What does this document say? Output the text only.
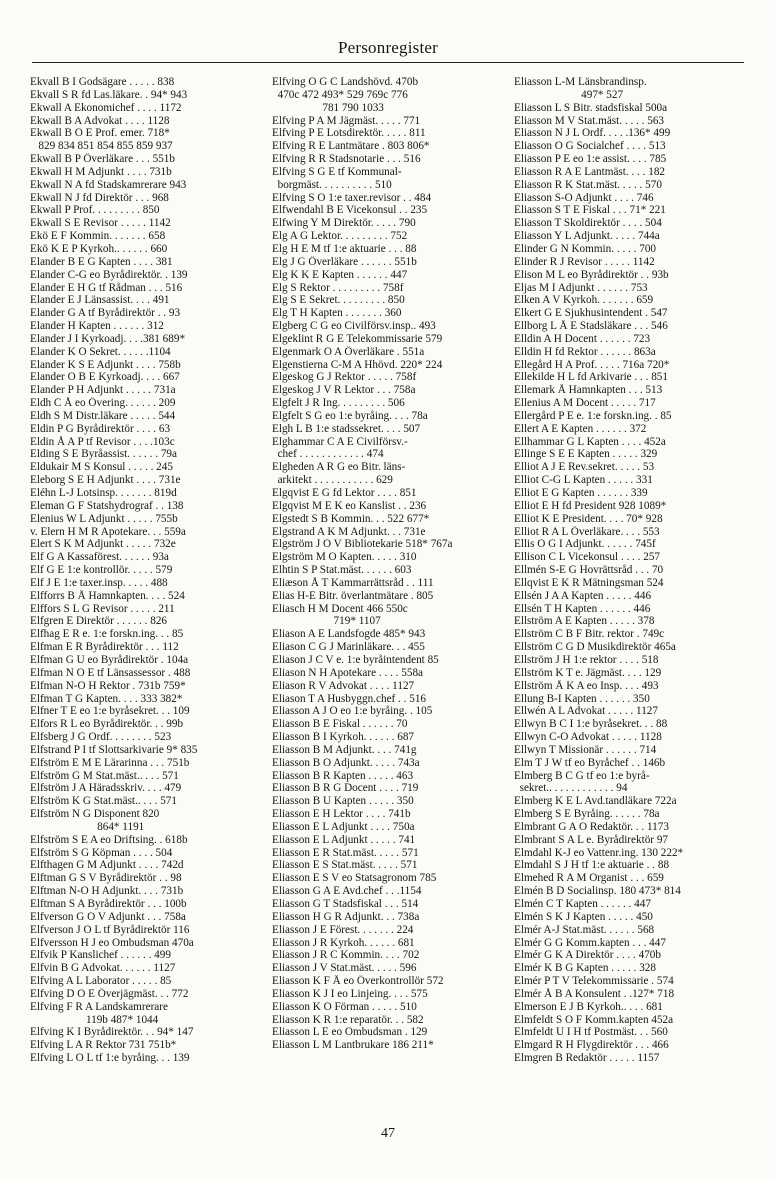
Personregister
Ekvall B I Godsägare . . . . . 838
Ekvall S R fd Las.läkare. . 94* 943
Ekwall A Ekonomichef . . . . 1172
Ekwall B A Advokat . . . . 1128
Ekwall B O E Prof. emer. 718*
829 834 851 854 855 859 937
Ekwall B P Överläkare . . . 551b
Ekwall H M Adjunkt . . . . 731b
Ekwall N A fd Stadskamrerare 943
Ekwall N J fd Direktör . . . 968
Ekwall P Prof. . . . . . . . . 850
Ekwall S E Revisor . . . . . 1142
Ekö E F Kommin. . . . . . . 658
Ekö K E P Kyrkoh.. . . . . . 660
Elander B E G Kapten . . . . 381
Elander C-G eo Byrådirektör. . 139
Elander E H G tf Rådman . . . 516
Elander E J Länsassist. . . . 491
Elander G A tf Byrådirektör . . 93
Elander H Kapten . . . . . . 312
Elander J I Kyrkoadj. . . .381 689*
Elander K O Sekret. . . . . .1104
Elander K S E Adjunkt . . . . 758b
Elander O B E Kyrkoadj. . . . 667
Elander P H Adjunkt . . . . . 731a
Eldh C Å eo Övering. . . . . . 209
Eldh S M Distr.läkare . . . . . 544
Eldin P G Byrådirektör . . . . 63
Eldin Å A P tf Revisor . . . .103c
Elding S E Byråassist. . . . . . 79a
Eldukair M S Konsul . . . . . 245
Eleborg S E H Adjunkt . . . . 731e
Eléhn L-J Lotsinsp. . . . . . . 819d
Eleman G F Statshydrograf . . 138
Elenius W L Adjunkt . . . . . 755b
v. Elern H M R Apotekare. . . 559a
Elert S K M Adjunkt . . . . . 732e
Elf G A Kassaförest. . . . . . 93a
Elf G E 1:e kontrollör. . . . . 579
Elf J E 1:e taxer.insp. . . . . 488
Elfforrs B Å Hamnkapten. . . . 524
Elffors S L G Revisor . . . . . 211
Elfgren E Direktör . . . . . . 826
Elfhag E R e. 1:e forskn.ing. . . 85
Elfman E R Byrådirektör . . . 112
Elfman G U eo Byrådirektör . 104a
Elfman N O E tf Länsassessor . 488
Elfman N-O H Rektor . 731b 759*
Elfman T G Kapten. . . . 333 382*
Elfner T E eo 1:e byråsekret. . . 109
Elfors R L eo Byrådirektör. . . 99b
Elfsberg J G Ordf. . . . . . . . 523
Elfstrand P I tf Slottsarkivarie 9* 835
Elfström E M E Lärarinna . . . 751b
Elfström G M Stat.mäst.. . . . 571
Elfström J A Häradsskriv. . . . 479
Elfström K G Stat.mäst.. . . . 571
Elfström N G Disponent 820
864* 1191
Elfström S E A eo Driftsing. . 618b
Elfström S G Köpman . . . . 504
Elfthagen G M Adjunkt . . . . 742d
Elftman G S V Byrådirektör . . 98
Elftman N-O H Adjunkt. . . . 731b
Elftman S A Byrådirektör . . . 100b
Elfverson G O V Adjunkt . . . 758a
Elfverson J O L tf Byrådirektör 116
Elfversson H J eo Ombudsman 470a
Elfvik P Kanslichef . . . . . . 499
Elfvin B G Advokat. . . . . . 1127
Elfving A L Laborator . . . . . 85
Elfving D O E Överjägmäst. . . 772
Elfving F R A Landskamrerare
119b 487* 1044
Elfving K I Byrådirektör. . . 94* 147
Elfving L A R Rektor 731 751b*
Elfving L O L tf 1:e byråing. . . 139
Elfving O G C Landshövd. 470b
470c 472 493* 529 769c 776
781 790 1033
Elfving P A M Jägmäst. . . . . 771
Elfving P E Lotsdirektör. . . . . 811
Elfving R E Lantmätare . 803 806*
Elfving R R Stadsnotarie . . . 516
Elfving S G E tf Kommunal-
borgmäst. . . . . . . . . . 510
Elfving S O 1:e taxer.revisor . . 484
Elfwendahl B E Vicekonsul . . 235
Elfwing Y M Direktör. . . . . 790
Elg A G Lektor. . . . . . . . . 752
Elg H E M tf 1:e aktuarie . . . 88
Elg J G Överläkare . . . . . . 551b
Elg K K E Kapten . . . . . . 447
Elg S Rektor . . . . . . . . . 758f
Elg S E Sekret. . . . . . . . . 850
Elg T H Kapten . . . . . . . 360
Elgberg C G eo Civilförsv.insp.. 493
Elgeklint R G E Telekommissarie 579
Elgenmark O A Överläkare . 551a
Elgenstierna C-M A Hhövd. 220* 224
Elgeskog G J Rektor . . . . . 758f
Elgeskog J V R Lektor . . . 758a
Elgfelt J R Ing. . . . . . . . . 506
Elgfelt S G eo 1:e byråing. . . . 78a
Elgh L B 1:e stadssekret. . . . 507
Elghammar C A E Civilförsv.-
chef . . . . . . . . . . . . 474
Elgheden A R G eo Bitr. läns-
arkitekt . . . . . . . . . . . 629
Elgqvist E G fd Lektor . . . . 851
Elgqvist M E K eo Kanslist . . 236
Elgstedt S B Kommin. . . 522 677*
Elgstrand A K M Adjunkt. . . 731e
Elgström J O V Bibliotekarie 518* 767a
Elgström M O Kapten. . . . . 310
Elhtin S P Stat.mäst. . . . . . 603
Eliæson Å T Kammarrättsråd . . 111
Elias H-E Bitr. överlantmätare . 805
Eliasch H M Docent 466 550c
719* 1107
Eliason A E Landsfogde 485* 943
Eliason C G J Marinläkare. . . 455
Eliason J C V e. 1:e byråintendent 85
Eliason N H Apotekare . . . . 558a
Eliason R V Advokat . . . . 1127
Eliason T A Husbyggn.chef . . 516
Eliasson A J O eo 1:e byråing. . 105
Eliasson B E Fiskal . . . . . . 70
Eliasson B I Kyrkoh. . . . . . 687
Eliasson B M Adjunkt. . . . 741g
Eliasson B O Adjunkt. . . . . 743a
Eliasson B R Kapten . . . . . 463
Eliasson B R G Docent . . . . 719
Eliasson B U Kapten . . . . . 350
Eliasson E H Lektor . . . . 741b
Eliasson E L Adjunkt . . . . 750a
Eliasson E L Adjunkt . . . . . 741
Eliasson E R Stat.mäst. . . . . 571
Eliasson E S Stat.mäst. . . . . 571
Eliasson E S V eo Statsagronom 785
Eliasson G A E Avd.chef . . .1154
Eliasson G T Stadsfiskal . . . 514
Eliasson H G R Adjunkt. . . 738a
Eliasson J E Förest. . . . . . . 224
Eliasson J R Kyrkoh. . . . . . 681
Eliasson J R C Kommin. . . . 702
Eliasson J V Stat.mäst. . . . . 596
Eliasson K F Å eo Överkontrollör 572
Eliasson K J I eo Linjeing. . . . 575
Eliasson K O Förman . . . . . 510
Eliasson K R 1:e reparatör. . . 582
Eliasson L E eo Ombudsman . 129
Eliasson L M Lantbrukare 186 211*
Eliasson L-M Länsbrandinsp.
497* 527
Eliasson L S Bitr. stadsfiskal 500a
Eliasson M V Stat.mäst. . . . . 563
Eliasson N J L Ordf. . . . .136* 499
Eliasson O G Socialchef . . . . 513
Eliasson P E eo 1:e assist. . . . 785
Eliasson R A E Lantmäst. . . . 182
Eliasson R K Stat.mäst. . . . . 570
Eliasson S-O Adjunkt . . . . 746
Eliasson S T E Fiskal . . . 71* 221
Eliasson T Skoldirektör . . . . 504
Eliasson Y L Adjunkt. . . . . 744a
Elinder G N Kommin. . . . . 700
Elinder R J Revisor . . . . . 1142
Elison M L eo Byrådirektör . . 93b
Eljas M I Adjunkt . . . . . . 753
Elken A V Kyrkoh. . . . . . . 659
Elkert G E Sjukhusintendent . 547
Ellborg L Å E Stadsläkare . . . 546
Elldin A H Docent . . . . . . 723
Elldin H fd Rektor . . . . . . 863a
Ellegård H A Prof. . . . . 716a 720*
Ellekilde H L fd Arkivarie . . . 851
Ellemark Å Hamnkapten . . . 513
Ellenius A M Docent . . . . . 717
Ellergård P E e. 1:e forskn.ing. . 85
Ellert A E Kapten . . . . . . 372
Ellhammar G L Kapten . . . . 452a
Ellinge S E E Kapten . . . . . 329
Elliot A J E Rev.sekret. . . . . 53
Elliot C-G L Kapten . . . . . 331
Elliot E G Kapten . . . . . . 339
Elliot E H fd President 928 1089*
Elliot K E President. . . . 70* 928
Elliot R A L Överläkare. . . . 553
Ellis O G I Adjunkt. . . . . . 745f
Ellison C L Vicekonsul . . . . 257
Ellmén S-E G Hovrättsråd . . . 70
Ellqvist E K R Mätningsman 524
Ellsén J A A Kapten . . . . . 446
Ellsén T H Kapten . . . . . . 446
Ellström A E Kapten . . . . . 378
Ellström C B F Bitr. rektor . 749c
Ellström C G D Musikdirektör 465a
Ellström J H 1:e rektor . . . . 518
Ellström K T e. Jägmäst. . . . 129
Ellström Å K A eo Insp. . . . 493
Ellung B-I Kapten . . . . . . 350
Ellwén A L Advokat . . . . . 1127
Ellwyn B C I 1:e byråsekret. . . 88
Ellwyn C-O Advokat . . . . . 1128
Ellwyn T Missionär . . . . . . 714
Elm T J W tf eo Byråchef . . 146b
Elmberg B C G tf eo 1:e byrå-
sekret.. . . . . . . . . . . . 94
Elmberg K E L Avd.tandläkare 722a
Elmberg S E Byråing. . . . . . 78a
Elmbrant G A O Redaktör. . . 1173
Elmbrant S A L e. Byrådirektör 97
Elmdahl K-J eo Vattenr.ing. 130 222*
Elmdahl S J H tf 1:e aktuarie . . 88
Elmehed R A M Organist . . . 659
Elmén B D Socialinsp. 180 473* 814
Elmén C T Kapten . . . . . . 447
Elmén S K J Kapten . . . . . 450
Elmér A-J Stat.mäst. . . . . . 568
Elmér G G Komm.kapten . . . 447
Elmér G K A Direktör . . . . 470b
Elmér K B G Kapten . . . . . 328
Elmér P T V Telekommissarie . 574
Elmér Å B A Konsulent . .127* 718
Elmerson E J B Kyrkoh.. . . . 681
Elmfeldt S O F Komm.kapten 452a
Elmfeldt U I H tf Postmäst. . . 560
Elmgard R H Flygdirektör . . . 466
Elmgren B Redaktör . . . . . 1157
47
